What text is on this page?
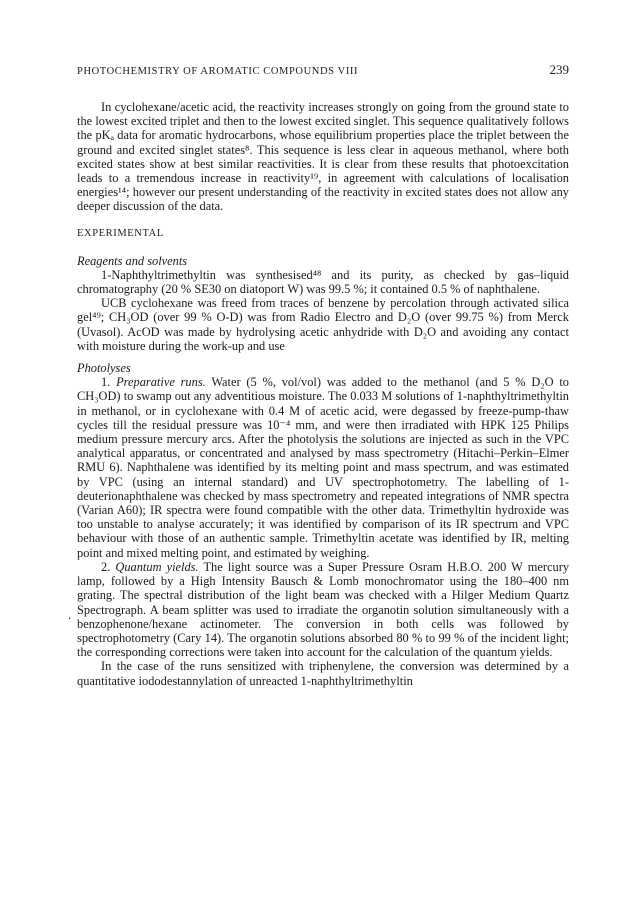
PHOTOCHEMISTRY OF AROMATIC COMPOUNDS VIII	239

In cyclohexane/acetic acid, the reactivity increases strongly on going from the ground state to the lowest excited triplet and then to the lowest excited singlet. This sequence qualitatively follows the pKₐ data for aromatic hydrocarbons, whose equilibrium properties place the triplet between the ground and excited singlet states⁸. This sequence is less clear in aqueous methanol, where both excited states show at best similar reactivities. It is clear from these results that photoexcitation leads to a tremendous increase in reactivity¹⁹, in agreement with calculations of localisation energies¹⁴; however our present understanding of the reactivity in excited states does not allow any deeper discussion of the data.

EXPERIMENTAL
Reagents and solvents

1-Naphthyltrimethyltin was synthesised⁴⁸ and its purity, as checked by gas–liquid chromatography (20 % SE30 on diatoport W) was 99.5 %; it contained 0.5 % of naphthalene.

UCB cyclohexane was freed from traces of benzene by percolation through activated silica gel⁴⁹; CH₃OD (over 99 % O-D) was from Radio Electro and D₂O (over 99.75 %) from Merck (Uvasol). AcOD was made by hydrolysing acetic anhydride with D₂O and avoiding any contact with moisture during the work-up and use

Photolyses

1. Preparative runs. Water (5 %, vol/vol) was added to the methanol (and 5 % D₂O to CH₃OD) to swamp out any adventitious moisture. The 0.033 M solutions of 1-naphthyltrimethyltin in methanol, or in cyclohexane with 0.4 M of acetic acid, were degassed by freeze-pump-thaw cycles till the residual pressure was 10⁻⁴ mm, and were then irradiated with HPK 125 Philips medium pressure mercury arcs. After the photolysis the solutions are injected as such in the VPC analytical apparatus, or concentrated and analysed by mass spectrometry (Hitachi–Perkin–Elmer RMU 6). Naphthalene was identified by its melting point and mass spectrum, and was estimated by VPC (using an internal standard) and UV spectrophotometry. The labelling of 1-deuterionaphthalene was checked by mass spectrometry and repeated integrations of NMR spectra (Varian A60); IR spectra were found compatible with the other data. Trimethyltin hydroxide was too unstable to analyse accurately; it was identified by comparison of its IR spectrum and VPC behaviour with those of an authentic sample. Trimethyltin acetate was identified by IR, melting point and mixed melting point, and estimated by weighing.

2. Quantum yields. The light source was a Super Pressure Osram H.B.O. 200 W mercury lamp, followed by a High Intensity Bausch & Lomb monochromator using the 180–400 nm grating. The spectral distribution of the light beam was checked with a Hilger Medium Quartz Spectrograph. A beam splitter was used to irradiate the organotin solution simultaneously with a benzophenone/hexane actinometer. The conversion in both cells was followed by spectrophotometry (Cary 14). The organotin solutions absorbed 80 % to 99 % of the incident light; the corresponding corrections were taken into account for the calculation of the quantum yields.

In the case of the runs sensitized with triphenylene, the conversion was determined by a quantitative iododestannylation of unreacted 1-naphthyltrimethyltin

.
